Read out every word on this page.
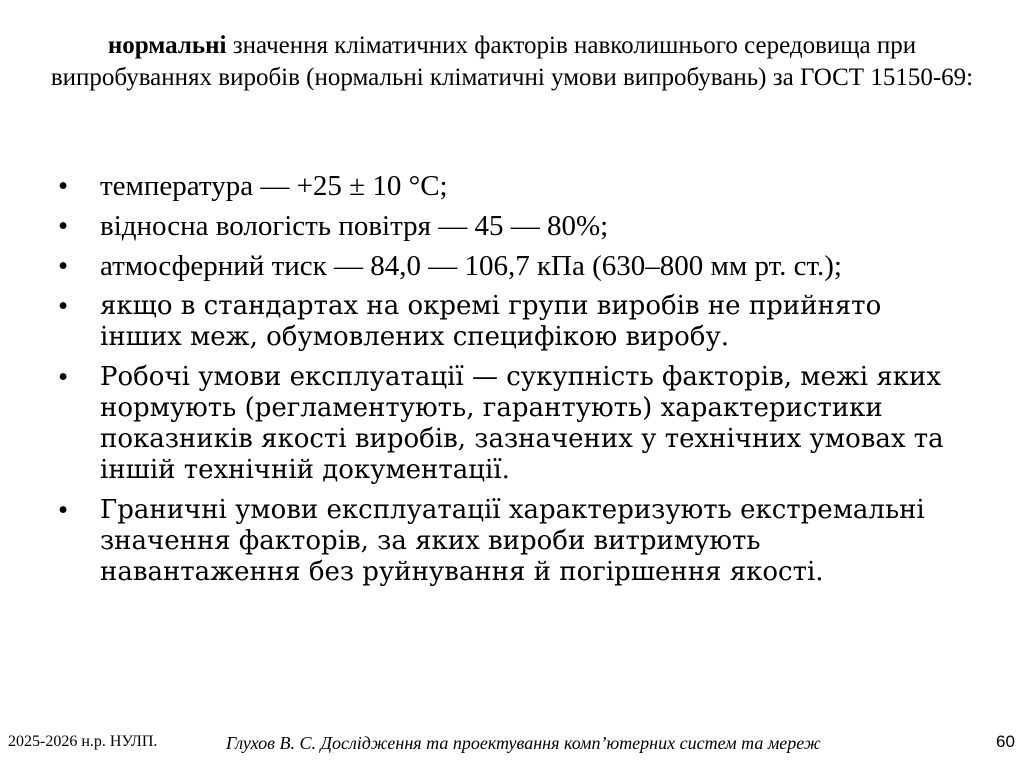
нормальні значення кліматичних факторів навколишнього середовища при випробуваннях виробів (нормальні кліматичні умови випробувань) за ГОСТ 15150-69:
• температура — +25 ± 10 °С;
• відносна вологість повітря — 45 — 80%;
• атмосферний тиск — 84,0 — 106,7 кПа (630–800 мм рт. ст.);
• якщо в стандартах на окремі групи виробів не прийнято інших меж, обумовлених специфікою виробу.
• Робочі умови експлуатації — сукупність факторів, межі яких нормують (регламентують, гарантують) характеристики показників якості виробів, зазначених у технічних умовах та іншій технічній документації.
• Граничні умови експлуатації характеризують екстремальні значення факторів, за яких вироби витримують навантаження без руйнування й погіршення якості.
2025-2026 н.р. НУЛП.	Глухов В. С. Дослідження та проектування комп’ютерних систем та мереж	60
